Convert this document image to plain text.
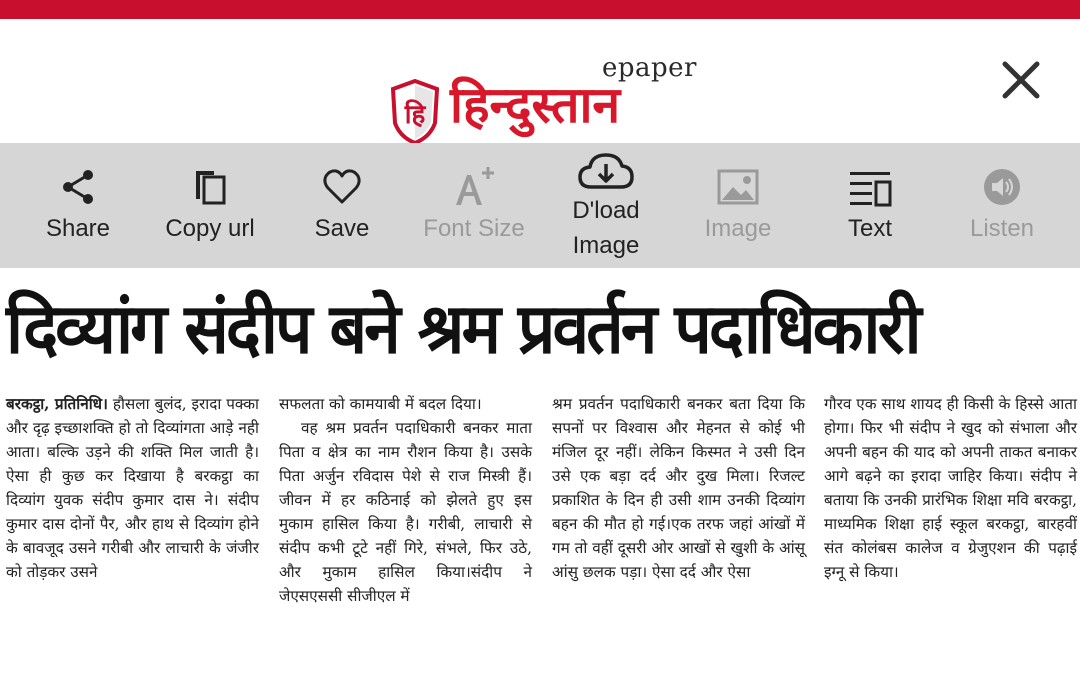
हि
epaper
हिन्दुस्तान
Share	Copy url	Save	Font Size
D'load
Image
Image	Text	Listen
दिव्यांग संदीप बने श्रम प्रवर्तन पदाधिकारी

बरकट्ठा, प्रतिनिधि। हौसला बुलंद, इरादा पक्का और दृढ़ इच्छाशक्ति हो तो दिव्यांगता आड़े नही आता। बल्कि उड़ने की शक्ति मिल जाती है। ऐसा ही कुछ कर दिखाया है बरकट्ठा का दिव्यांग युवक संदीप कुमार दास ने। संदीप कुमार दास दोनों पैर, और हाथ से दिव्यांग होने के बावजूद उसने गरीबी और लाचारी के जंजीर को तोड़कर उसने

सफलता को कामयाबी में बदल दिया।

वह श्रम प्रवर्तन पदाधिकारी बनकर माता पिता व क्षेत्र का नाम रौशन किया है। उसके पिता अर्जुन रविदास पेशे से राज मिस्त्री हैं।जीवन में हर कठिनाई को झेलते हुए इस मुकाम हासिल किया है। गरीबी, लाचारी से संदीप कभी टूटे नहीं गिरे, संभले, फिर उठे, और मुकाम हासिल किया।संदीप ने जेएसएससी सीजीएल में

श्रम प्रवर्तन पदाधिकारी बनकर बता दिया कि सपनों पर विश्वास और मेहनत से कोई भी मंजिल दूर नहीं। लेकिन किस्मत ने उसी दिन उसे एक बड़ा दर्द और दुख मिला। रिजल्ट प्रकाशित के दिन ही उसी शाम उनकी दिव्यांग बहन की मौत हो गई।एक तरफ जहां आंखों में गम तो वहीं दूसरी ओर आखों से खुशी के आंसू आंसु छलक पड़ा। ऐसा दर्द और ऐसा

गौरव एक साथ शायद ही किसी के हिस्से आता होगा। फिर भी संदीप ने खुद को संभाला और अपनी बहन की याद को अपनी ताकत बनाकर आगे बढ़ने का इरादा जाहिर किया। संदीप ने बताया कि उनकी प्रारंभिक शिक्षा मवि बरकट्ठा, माध्यमिक शिक्षा हाई स्कूल बरकट्ठा, बारहवीं संत कोलंबस कालेज व ग्रेजुएशन की पढ़ाई इग्नू से किया।
